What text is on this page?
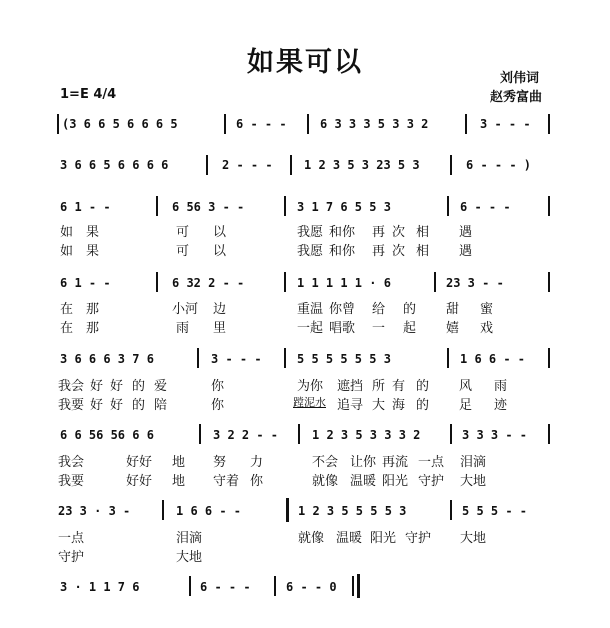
如果可以
刘伟词
赵秀富曲
1=E 4/4
(3 6 6 5 6 6 6 5	6 - - -	6 3 3 3 5 3 3 2	3 - - -
3 6 6 5 6 6 6 6	2 - - -	1 2 3 5 3 23 5 3	6 - - - )
6 1 - -	6 56 3 - -	3 1 7 6 5 5 3	6 - - -
如 果	可 以	我愿 和你 再 次 相 遇
如 果	可 以	我愿 和你 再 次 相 遇
6 1 - -	6 32 2 - -	1 1 1 1 1 · 6	23 3 - -
在 那	小河 边	重温 你曾 给 的 甜 蜜
在 那	雨 里	一起 唱歌 一 起 嬉 戏
3 6 6 6 3 7 6	3 - - -	5 5 5 5 5 5 3	1 6 6 - -
我会 好 好 的 爱	你	为你 遮挡 所 有 的 风 雨
我要 好 好 的 陪	你	蹚泥水 追寻 大 海 的 足 迹
6 6 56 56 6 6	3 2 2 - -	1 2 3 5 3 3 3 2	3 3 3 - -
我会	好好 地 努 力	不会 让你 再流 一点 泪滴
我要	好好 地 守着 你	就像 温暖 阳光 守护 大地
23 3 · 3 -	1 6 6 - -	1 2 3 5 5 5 5 3	5 5 5 - -
一点	泪滴	就像 温暖 阳光 守护 大地
守护	大地
3 · 1 1 7 6	6 - - -	6 - - 0
